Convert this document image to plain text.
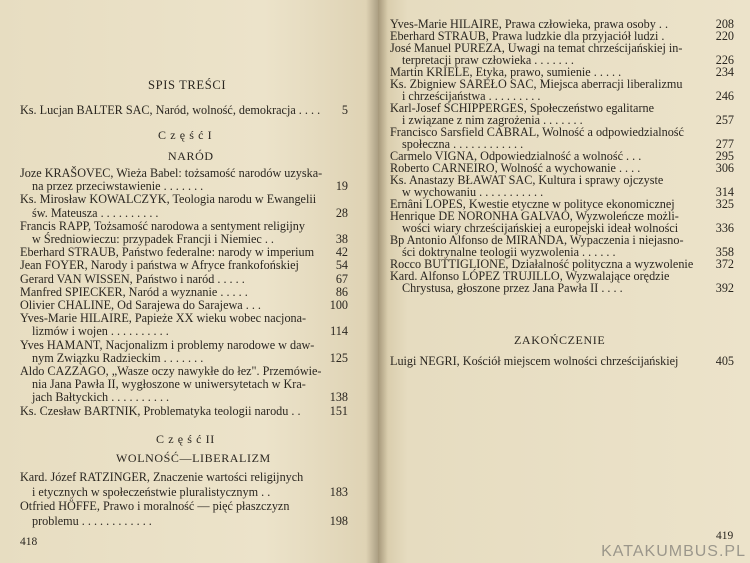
SPIS TREŚCI
Ks. Lucjan BALTER SAC, Naród, wolność, demokracja . . . .	5
C z ę ś ć I
NARÓD
Joze KRAŠOVEC, Wieża Babel: tożsamość narodów uzyska-
na przez przeciwstawienie . . . . . . .	19
Ks. Mirosław KOWALCZYK, Teologia narodu w Ewangelii
św. Mateusza . . . . . . . . . .	28
Francis RAPP, Tożsamość narodowa a sentyment religijny
w Średniowieczu: przypadek Francji i Niemiec . .	38
Eberhard STRAUB, Państwo federalne: narody w imperium	42
Jean FOYER, Narody i państwa w Afryce frankofońskiej	54
Gerard VAN WISSEN, Państwo i naród . . . . .	67
Manfred SPIECKER, Naród a wyznanie . . . . .	86
Olivier CHALINE, Od Sarajewa do Sarajewa . . .	100
Yves-Marie HILAIRE, Papieże XX wieku wobec nacjona-
lizmów i wojen . . . . . . . . . .	114
Yves HAMANT, Nacjonalizm i problemy narodowe w daw-
nym Związku Radzieckim . . . . . . .	125
Aldo CAZZAGO, „Wasze oczy nawykłe do łez". Przemówie-
nia Jana Pawła II, wygłoszone w uniwersytetach w Kra-
jach Bałtyckich . . . . . . . . . .	138
Ks. Czesław BARTNIK, Problematyka teologii narodu . .	151
C z ę ś ć II
WOLNOŚĆ—LIBERALIZM
Kard. Józef RATZINGER, Znaczenie wartości religijnych
i etycznych w społeczeństwie pluralistycznym . .	183
Otfried HÖFFE, Prawo i moralność — pięć płaszczyzn
problemu . . . . . . . . . . . .	198
418
Yves-Marie HILAIRE, Prawa człowieka, prawa osoby . .	208
Eberhard STRAUB, Prawa ludzkie dla przyjaciół ludzi .	220
José Manuel PUREZA, Uwagi na temat chrześcijańskiej in-
terpretacji praw człowieka . . . . . . .	226
Martin KRIELE, Etyka, prawo, sumienie . . . . .	234
Ks. Zbigniew SAREŁO SAC, Miejsca aberracji liberalizmu
i chrześcijaństwa . . . . . . . . .	246
Karl-Josef SCHIPPERGES, Społeczeństwo egalitarne
i związane z nim zagrożenia . . . . . . .	257
Francisco Sarsfield CABRAL, Wolność a odpowiedzialność
społeczna . . . . . . . . . . . .	277
Carmelo VIGNA, Odpowiedzialność a wolność . . .	295
Roberto CARNEIRO, Wolność a wychowanie . . . .	306
Ks. Anastazy BŁAWAT SAC, Kultura i sprawy ojczyste
w wychowaniu . . . . . . . . . . .	314
Ernâni LOPES, Kwestie etyczne w polityce ekonomicznej	325
Henrique DE NORONHA GALVAO, Wyzwoleńcze możli-
wości wiary chrześcijańskiej a europejski ideał wolności	336
Bp Antonio Alfonso de MIRANDA, Wypaczenia i niejasno-
ści doktrynalne teologii wyzwolenia . . . . . .	358
Rocco BUTTIGLIONE, Działalność polityczna a wyzwolenie	372
Kard. Alfonso LÓPEZ TRUJILLO, Wyzwalające orędzie
Chrystusa, głoszone przez Jana Pawła II . . . .	392
ZAKOŃCZENIE
Luigi NEGRI, Kościół miejscem wolności chrześcijańskiej	405
419
KATAKUMBUS.PL
